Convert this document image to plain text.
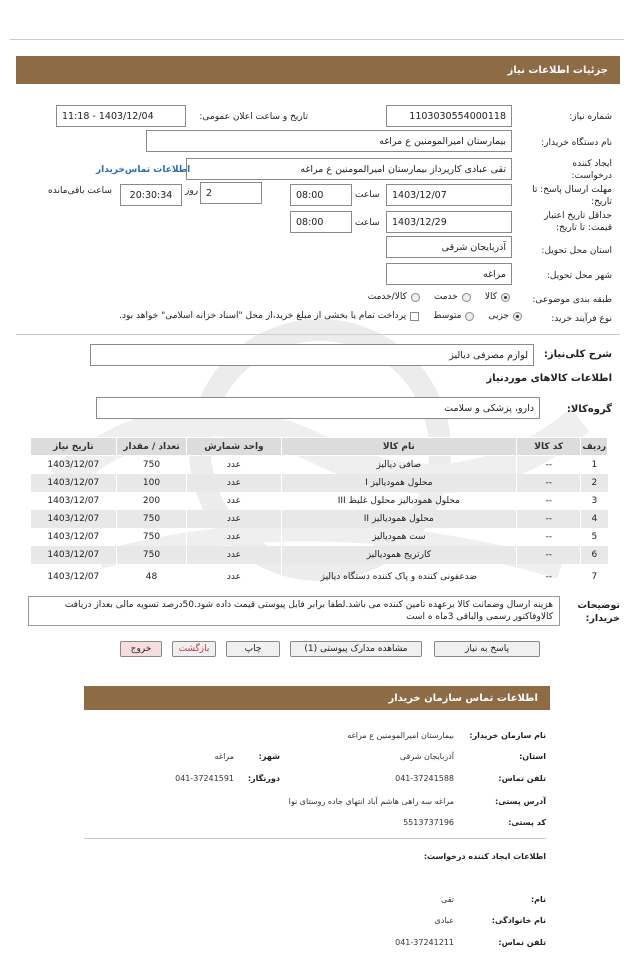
جزئیات اطلاعات نیاز
شماره نیاز:
1103030554000118
تاریخ و ساعت اعلان عمومی:
1403/12/04 - 11:18
نام دستگاه خریدار:
بیمارستان امیرالمومنین ع مراغه
ایجاد کننده درخواست:
تقی عبادی کارپرداز بیمارستان امیرالمومنین ع مراغه
اطلاعات تماس‌خریدار
مهلت ارسال پاسخ: تا تاریخ:
1403/12/07
ساعت
08:00
2
روز
20:30:34
ساعت باقی‌مانده
حداقل تاریخ اعتبار قیمت: تا تاریخ:
1403/12/29
ساعت
08:00
استان محل تحویل:
آذربایجان شرقی
شهر محل تحویل:
مراغه
طبقه بندی موضوعی:
کالا
خدمت
کالا/خدمت
نوع فرآیند خرید:
جزیی
متوسط
پرداخت تمام یا بخشی از مبلغ خرید،از محل "اسناد خزانه اسلامی" خواهد بود.
شرح کلی‌نیاز:
لوازم مصرفی دیالیز
اطلاعات کالاهای موردنیاز
گروه‌کالا:
دارو، پزشکی و سلامت
ردیف	کد کالا	نام کالا	واحد شمارش	تعداد / مقدار	تاریخ نیاز
1	--	صافی دیالیز	عدد	750	1403/12/07
2	--	محلول همودیالیز I	عدد	100	1403/12/07
3	--	محلول همودیالیز محلول غلیظ III	عدد	200	1403/12/07
4	--	محلول همودیالیز II	عدد	750	1403/12/07
5	--	ست همودیالیز	عدد	750	1403/12/07
6	--	کارتریج همودیالیز	عدد	750	1403/12/07
7	--	ضدعفونی کننده و پاک کننده دستگاه دیالیز	عدد	48	1403/12/07
توضیحات خریدار:
هزینه ارسال وضمانت کالا برعهده تامین کننده می باشد.لطفا برابر فایل پیوستی قیمت داده شود.50درصد تسویه مالی بعداز دریافت کالاوفاکتور رسمی والباقی 3ماه ه است
پاسخ به نیاز
مشاهده مدارک پیوستی (1)
چاپ
بازگشت
خروج
اطلاعات تماس سازمان خریدار
نام سازمان خریدار:
بیمارستان امیرالمومنین ع مراغه
استان:
آذربایجان شرقی
شهر:
مراغه
تلفن تماس:
041-37241588
دورنگار:
041-37241591
آدرس پستی:
مراغه سه راهی هاشم آباد انتهای جاده روستای نوا
کد پستی:
5513737196
اطلاعات ایجاد کننده درخواست:
نام:
تقی
نام خانوادگی:
عبادی
تلفن تماس:
041-37241211
